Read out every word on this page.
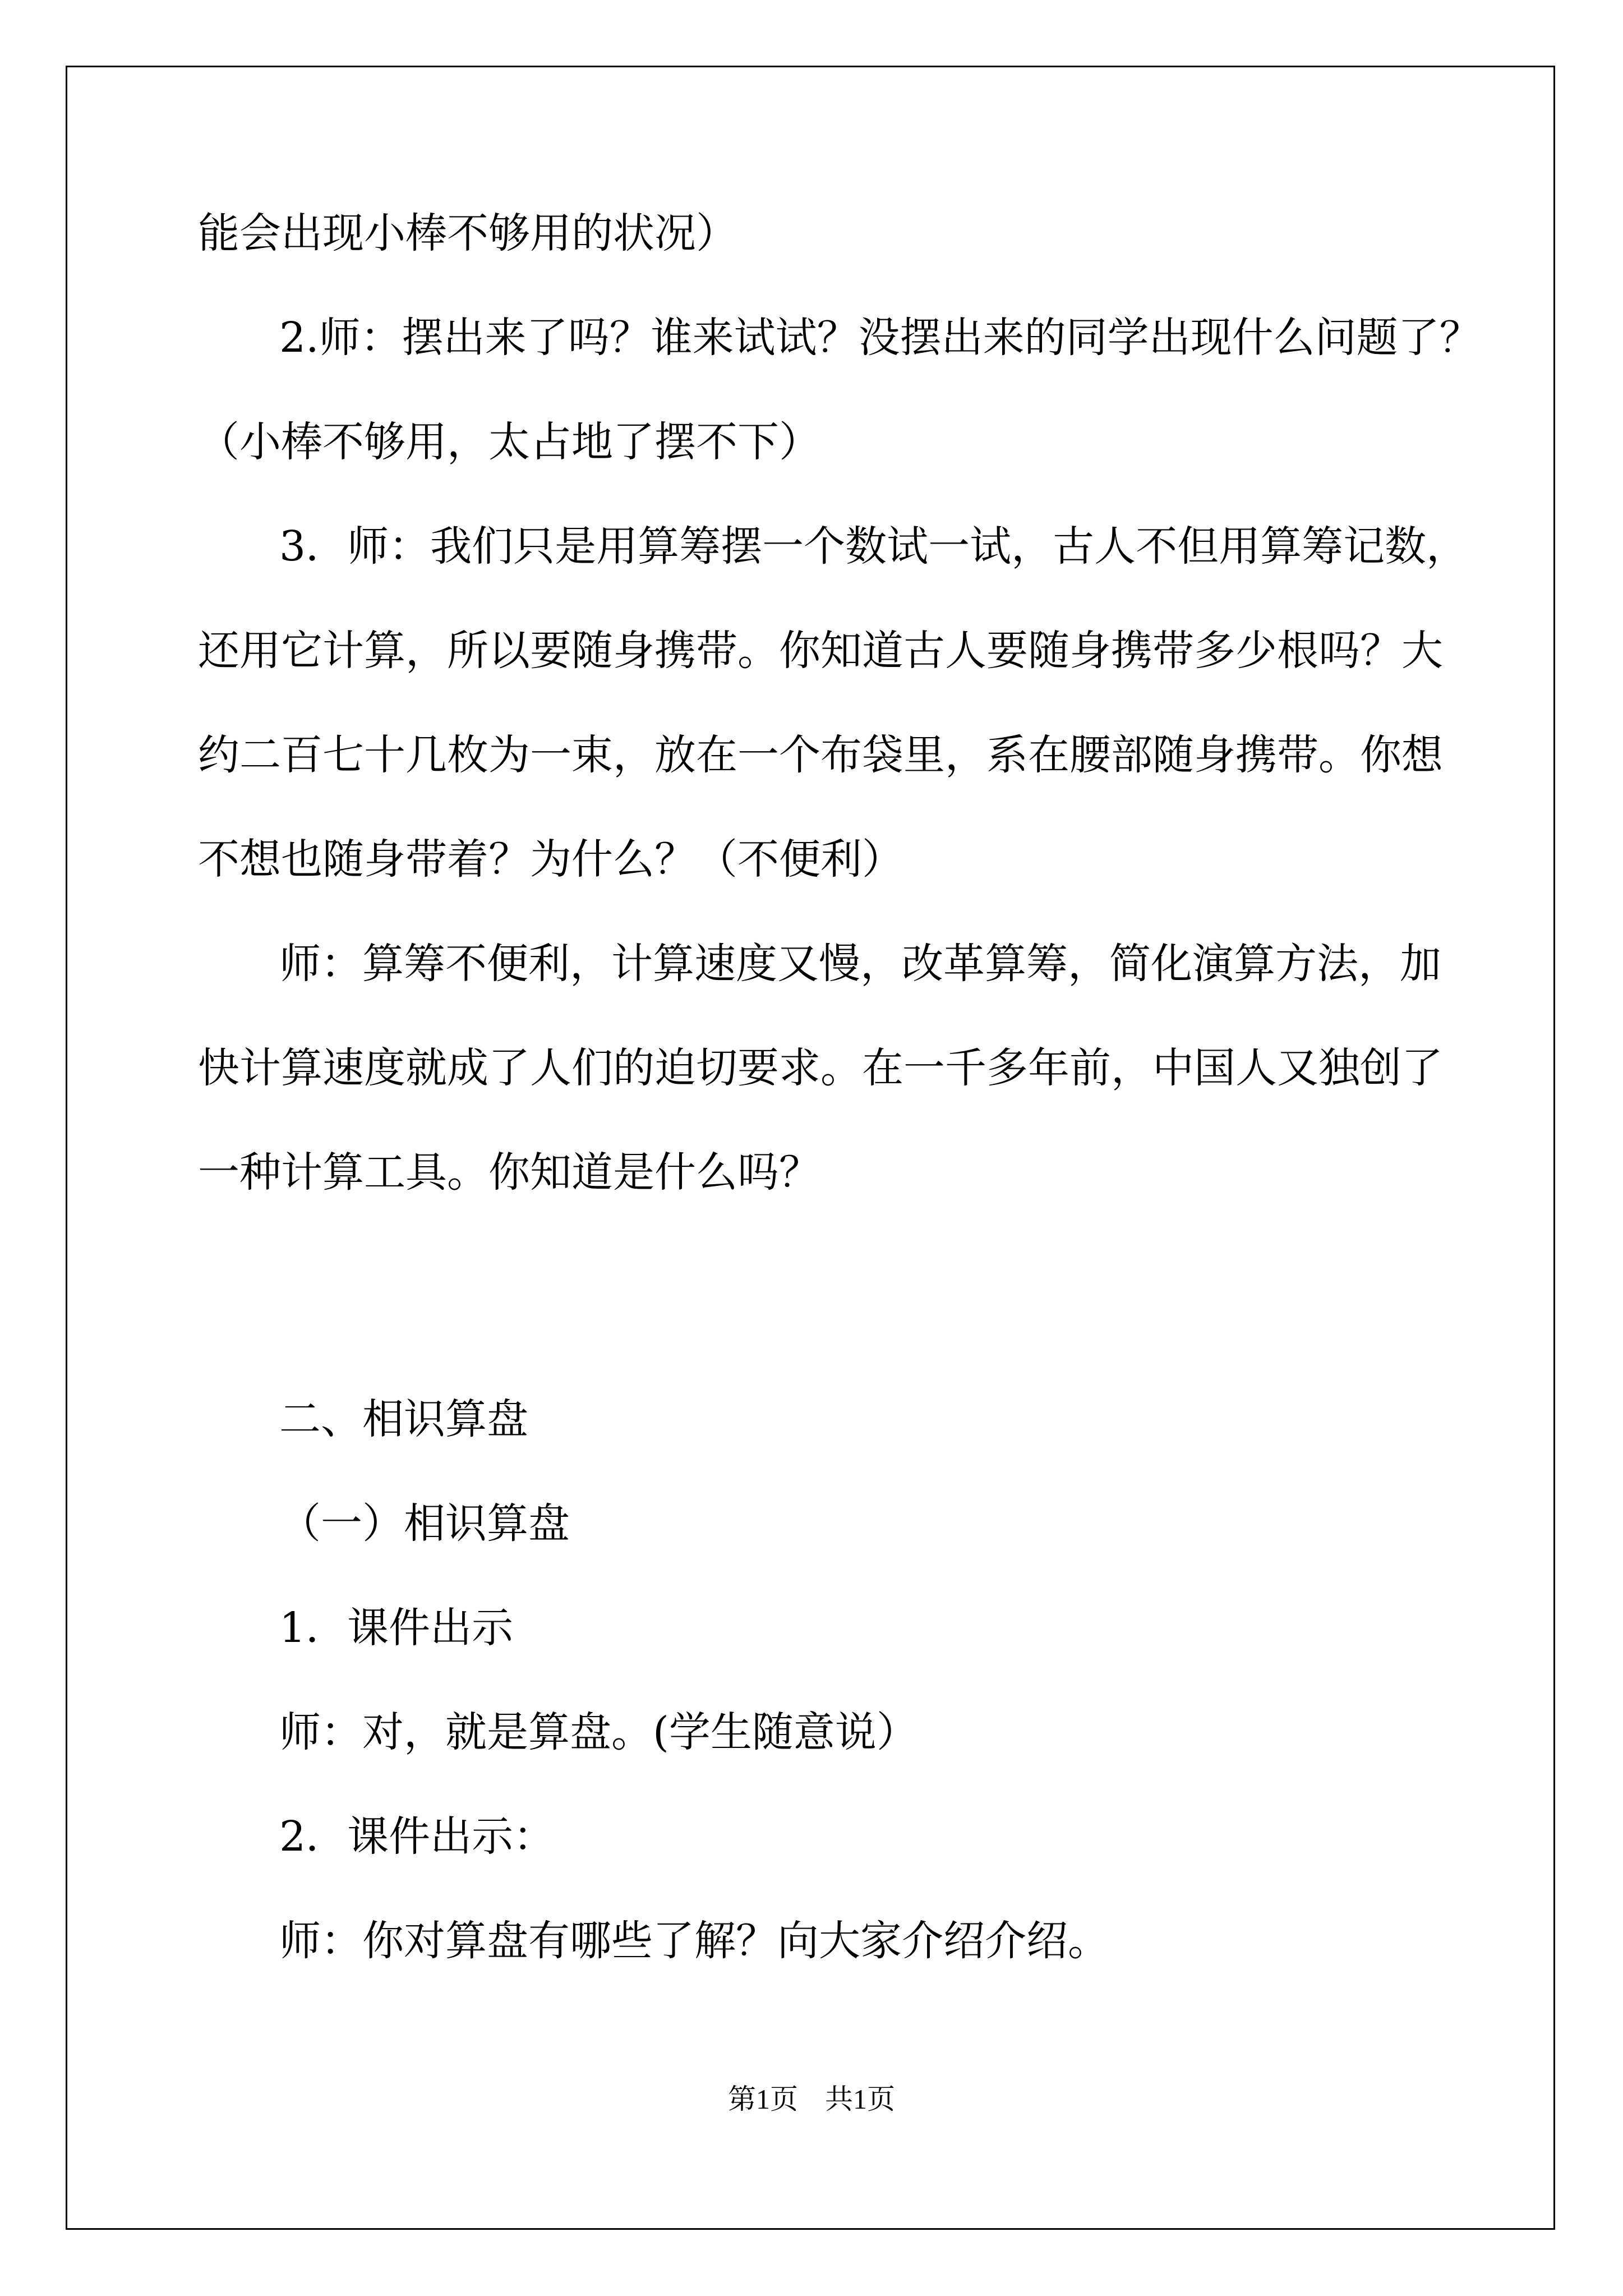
能会出现小棒不够用的状况）
2.师：摆出来了吗？谁来试试？没摆出来的同学出现什么问题了？
（小棒不够用，太占地了摆不下）
3．师：我们只是用算筹摆一个数试一试，古人不但用算筹记数，
还用它计算，所以要随身携带。你知道古人要随身携带多少根吗？大
约二百七十几枚为一束，放在一个布袋里，系在腰部随身携带。你想
不想也随身带着？为什么？（不便利）
师：算筹不便利，计算速度又慢，改革算筹，简化演算方法，加
快计算速度就成了人们的迫切要求。在一千多年前，中国人又独创了
一种计算工具。你知道是什么吗？
二、相识算盘
（一）相识算盘
1．课件出示
师：对，就是算盘。(学生随意说）
2．课件出示：
师：你对算盘有哪些了解？向大家介绍介绍。
第1页 共1页
